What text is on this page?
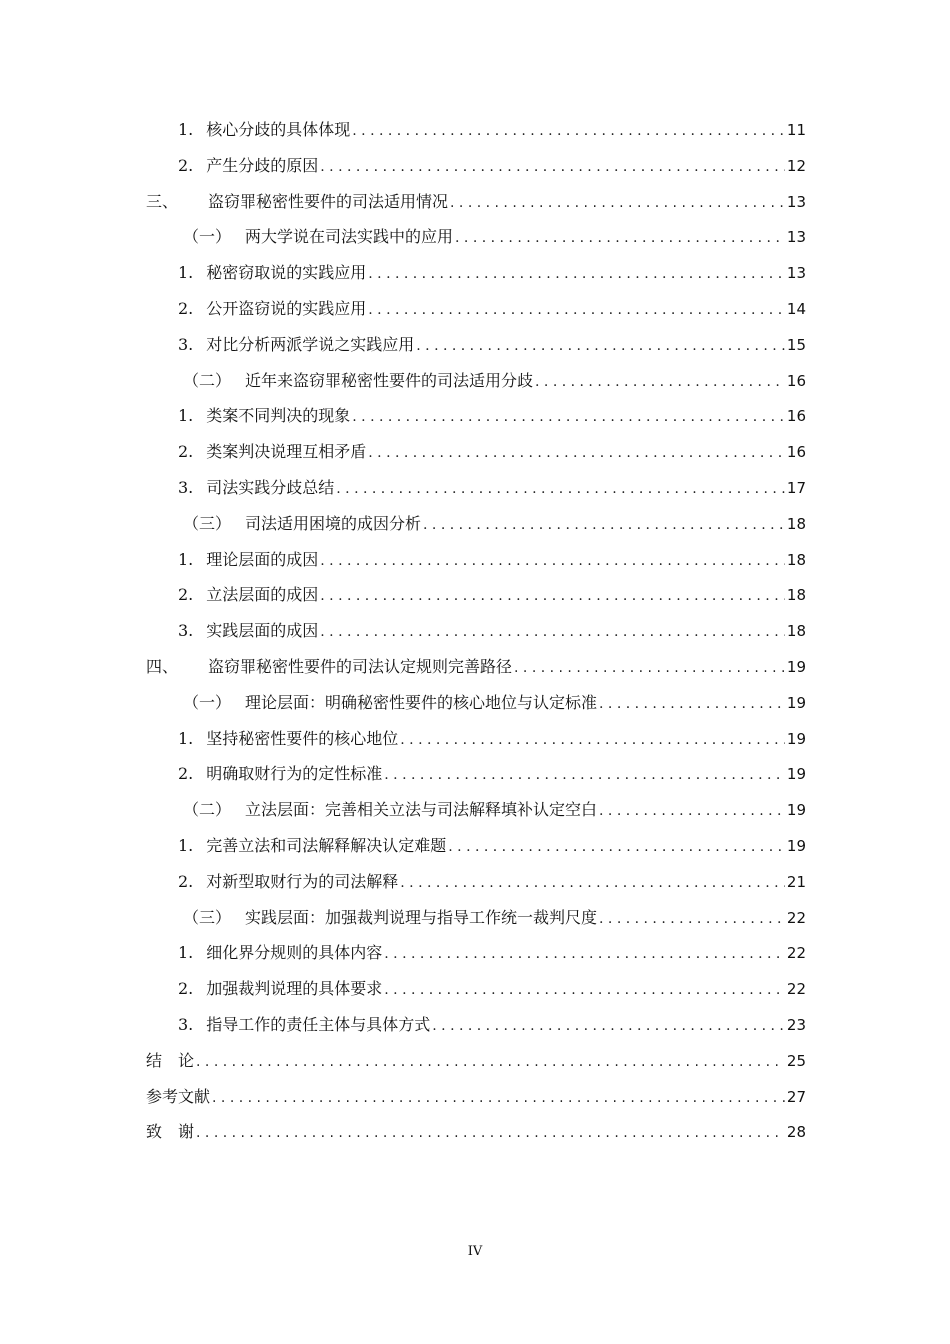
1. 核心分歧的具体体现 . . .	11
2. 产生分歧的原因 . . .	12
三、 盗窃罪秘密性要件的司法适用情况 . . .	13
（一） 两大学说在司法实践中的应用 . . .	13
1. 秘密窃取说的实践应用 . . .	13
2. 公开盗窃说的实践应用 . . .	14
3. 对比分析两派学说之实践应用 . . .	15
（二） 近年来盗窃罪秘密性要件的司法适用分歧 . . .	16
1. 类案不同判决的现象 . . .	16
2. 类案判决说理互相矛盾 . . .	16
3. 司法实践分歧总结 . . .	17
（三） 司法适用困境的成因分析 . . .	18
1. 理论层面的成因 . . .	18
2. 立法层面的成因 . . .	18
3. 实践层面的成因 . . .	18
四、 盗窃罪秘密性要件的司法认定规则完善路径 . . .	19
（一） 理论层面：明确秘密性要件的核心地位与认定标准 . . .	19
1. 坚持秘密性要件的核心地位 . . .	19
2. 明确取财行为的定性标准 . . .	19
（二） 立法层面：完善相关立法与司法解释填补认定空白 . . .	19
1. 完善立法和司法解释解决认定难题 . . .	19
2. 对新型取财行为的司法解释 . . .	21
（三） 实践层面：加强裁判说理与指导工作统一裁判尺度 . . .	22
1. 细化界分规则的具体内容 . . .	22
2. 加强裁判说理的具体要求 . . .	22
3. 指导工作的责任主体与具体方式 . . .	23
结　论 . . .	25
参考文献 . . .	27
致　谢 . . .	28
IV
